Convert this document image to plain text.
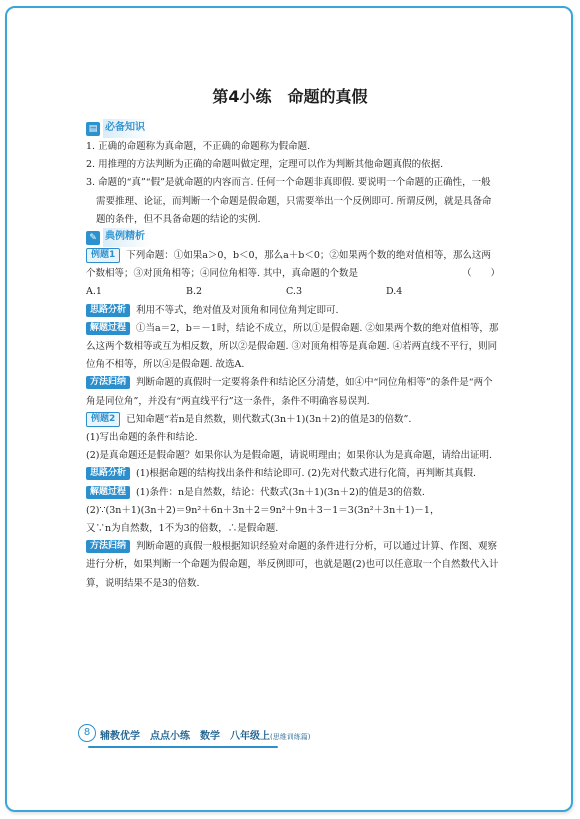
第4小练　命题的真假
▤ 必备知识
1. 正确的命题称为真命题，不正确的命题称为假命题.
2. 用推理的方法判断为正确的命题叫做定理，定理可以作为判断其他命题真假的依据.
3. 命题的“真”“假”是就命题的内容而言. 任何一个命题非真即假. 要说明一个命题的正确性，一般需要推理、论证，而判断一个命题是假命题，只需要举出一个反例即可. 所谓反例，就是具备命题的条件，但不具备命题的结论的实例.
✎ 典例精析
例题1 下列命题：①如果a＞0，b＜0，那么a＋b＜0；②如果两个数的绝对值相等，那么这两个数相等；③对顶角相等；④同位角相等. 其中，真命题的个数是	（　　）
A.1	B.2	C.3	D.4
思路分析 利用不等式，绝对值及对顶角和同位角判定即可.
解题过程 ①当a＝2，b＝－1时，结论不成立，所以①是假命题. ②如果两个数的绝对值相等，那么这两个数相等或互为相反数，所以②是假命题. ③对顶角相等是真命题. ④若两直线不平行，则同位角不相等，所以④是假命题. 故选A.
方法归纳 判断命题的真假时一定要将条件和结论区分清楚，如④中“同位角相等”的条件是“两个角是同位角”，并没有“两直线平行”这一条件，条件不明确容易误判.
例题2 已知命题“若n是自然数，则代数式(3n＋1)(3n＋2)的值是3的倍数”.
(1)写出命题的条件和结论.
(2)是真命题还是假命题？如果你认为是假命题，请说明理由；如果你认为是真命题，请给出证明.
思路分析 (1)根据命题的结构找出条件和结论即可. (2)先对代数式进行化简，再判断其真假.
解题过程 (1)条件：n是自然数，结论：代数式(3n＋1)(3n＋2)的值是3的倍数.
(2)∵(3n＋1)(3n＋2)＝9n²＋6n＋3n＋2＝9n²＋9n＋3－1＝3(3n²＋3n＋1)－1，
又∵n为自然数，1不为3的倍数，∴是假命题.
方法归纳 判断命题的真假一般根据知识经验对命题的条件进行分析，可以通过计算、作图、观察进行分析，如果判断一个命题为假命题，举反例即可，也就是题(2)也可以任意取一个自然数代入计算，说明结果不是3的倍数.
8 辅教优学　点点小练　数学　八年级上(思维训练篇)
